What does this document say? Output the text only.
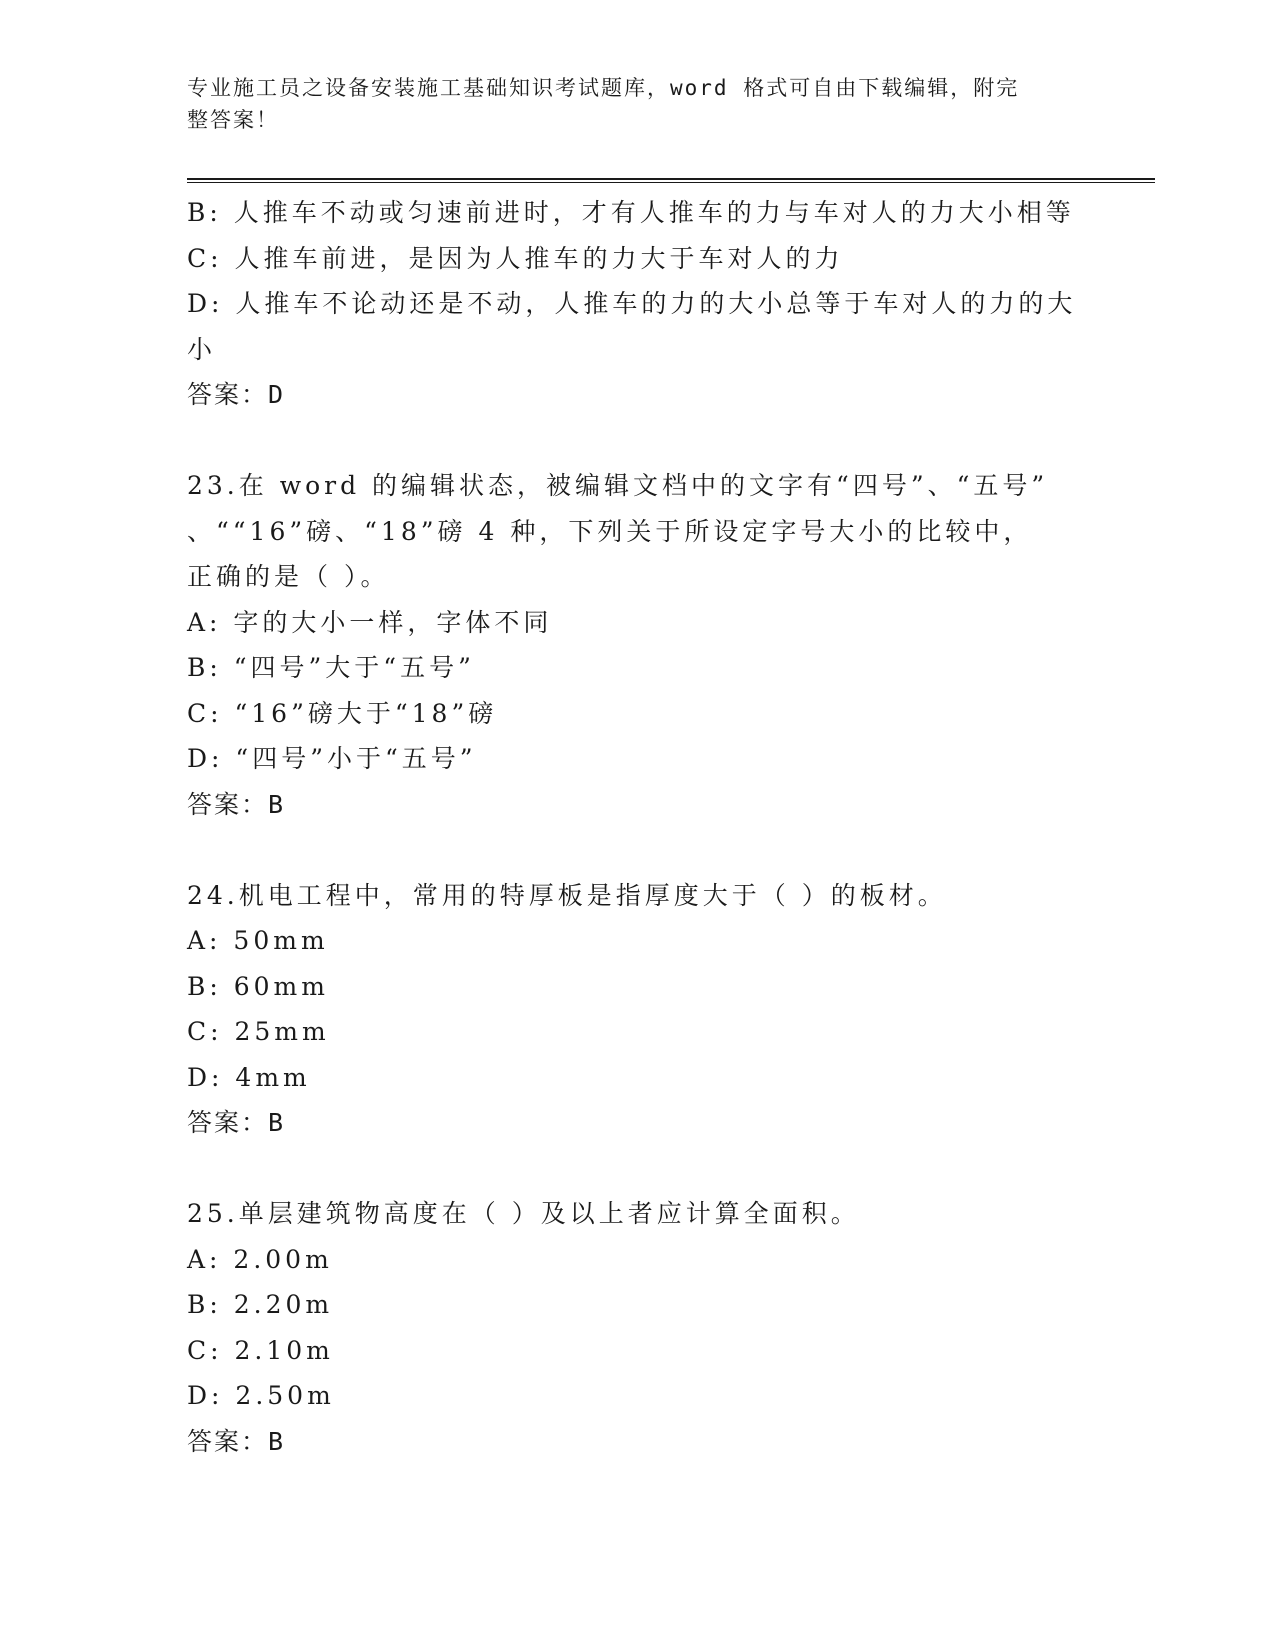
专业施工员之设备安装施工基础知识考试题库，word 格式可自由下载编辑，附完
整答案！

B: 人推车不动或匀速前进时，才有人推车的力与车对人的力大小相等

C: 人推车前进，是因为人推车的力大于车对人的力

D: 人推车不论动还是不动，人推车的力的大小总等于车对人的力的大

小

答案：D

23.在 word 的编辑状态，被编辑文档中的文字有“四号”、“五号”

、““16”磅、“18”磅 4 种，下列关于所设定字号大小的比较中，

正确的是（ ）。

A: 字的大小一样，字体不同

B: “四号”大于“五号”

C: “16”磅大于“18”磅

D: “四号”小于“五号”

答案：B

24.机电工程中，常用的特厚板是指厚度大于（ ）的板材。

A: 50mm

B: 60mm

C: 25mm

D: 4mm

答案：B

25.单层建筑物高度在（ ）及以上者应计算全面积。

A: 2.00m

B: 2.20m

C: 2.10m

D: 2.50m

答案：B
